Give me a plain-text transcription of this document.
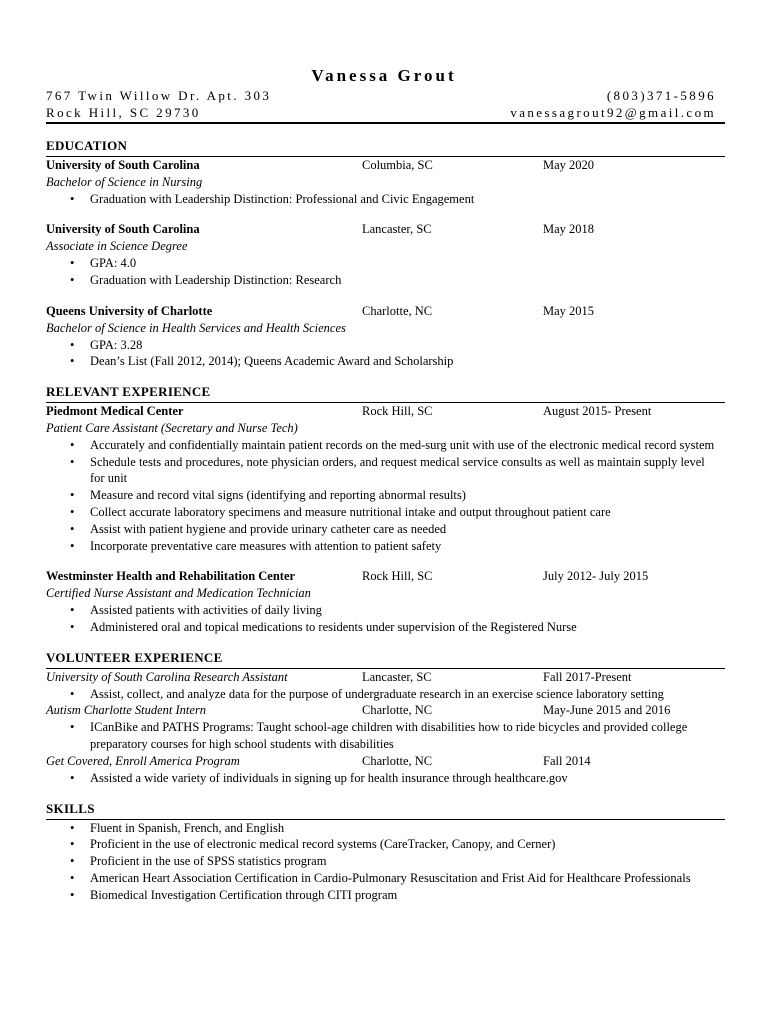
Vanessa Grout
767 Twin Willow Dr. Apt. 303	(803)371-5896
Rock Hill, SC 29730	vanessagrout92@gmail.com
EDUCATION
University of South Carolina	Columbia, SC	May 2020
Bachelor of Science in Nursing
• Graduation with Leadership Distinction: Professional and Civic Engagement
University of South Carolina	Lancaster, SC	May 2018
Associate in Science Degree
• GPA: 4.0
• Graduation with Leadership Distinction: Research
Queens University of Charlotte	Charlotte, NC	May 2015
Bachelor of Science in Health Services and Health Sciences
• GPA: 3.28
• Dean’s List (Fall 2012, 2014); Queens Academic Award and Scholarship
RELEVANT EXPERIENCE
Piedmont Medical Center	Rock Hill, SC	August 2015- Present
Patient Care Assistant (Secretary and Nurse Tech)
• Accurately and confidentially maintain patient records on the med-surg unit with use of the electronic medical record system
• Schedule tests and procedures, note physician orders, and request medical service consults as well as maintain supply level for unit
• Measure and record vital signs (identifying and reporting abnormal results)
• Collect accurate laboratory specimens and measure nutritional intake and output throughout patient care
• Assist with patient hygiene and provide urinary catheter care as needed
• Incorporate preventative care measures with attention to patient safety
Westminster Health and Rehabilitation Center	Rock Hill, SC	July 2012- July 2015
Certified Nurse Assistant and Medication Technician
• Assisted patients with activities of daily living
• Administered oral and topical medications to residents under supervision of the Registered Nurse
VOLUNTEER EXPERIENCE
University of South Carolina Research Assistant	Lancaster, SC	Fall 2017-Present
• Assist, collect, and analyze data for the purpose of undergraduate research in an exercise science laboratory setting
Autism Charlotte Student Intern	Charlotte, NC	May-June 2015 and 2016
• ICanBike and PATHS Programs: Taught school-age children with disabilities how to ride bicycles and provided college preparatory courses for high school students with disabilities
Get Covered, Enroll America Program	Charlotte, NC	Fall 2014
• Assisted a wide variety of individuals in signing up for health insurance through healthcare.gov
SKILLS
• Fluent in Spanish, French, and English
• Proficient in the use of electronic medical record systems (CareTracker, Canopy, and Cerner)
• Proficient in the use of SPSS statistics program
• American Heart Association Certification in Cardio-Pulmonary Resuscitation and Frist Aid for Healthcare Professionals
• Biomedical Investigation Certification through CITI program
